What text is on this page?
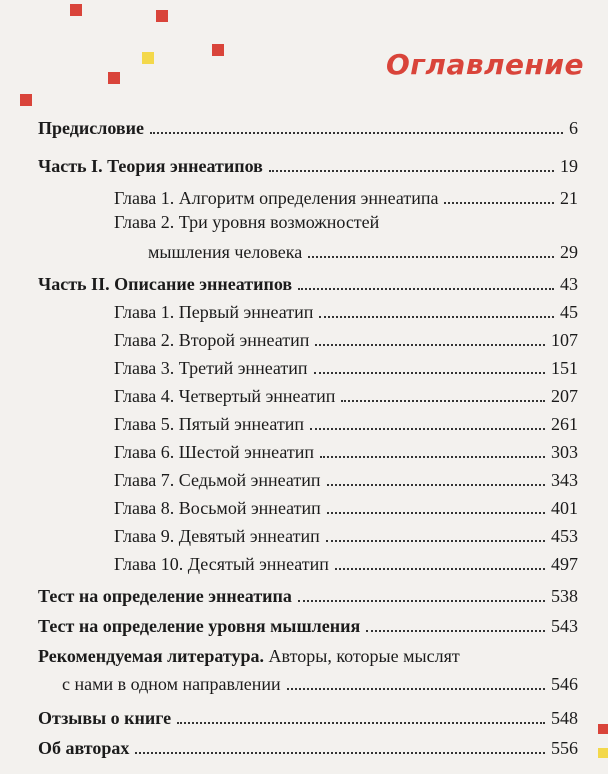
Оглавление
Предисловие	6
Часть I. Теория эннеатипов	19
Глава 1. Алгоритм определения эннеатипа	21
Глава 2. Три уровня возможностей
мышления человека	29
Часть II. Описание эннеатипов	43
Глава 1. Первый эннеатип	45
Глава 2. Второй эннеатип	107
Глава 3. Третий эннеатип	151
Глава 4. Четвертый эннеатип	207
Глава 5. Пятый эннеатип	261
Глава 6. Шестой эннеатип	303
Глава 7. Седьмой эннеатип	343
Глава 8. Восьмой эннеатип	401
Глава 9. Девятый эннеатип	453
Глава 10. Десятый эннеатип	497
Тест на определение эннеатипа	538
Тест на определение уровня мышления	543
Рекомендуемая литература. Авторы, которые мыслят
с нами в одном направлении	546
Отзывы о книге	548
Об авторах	556
